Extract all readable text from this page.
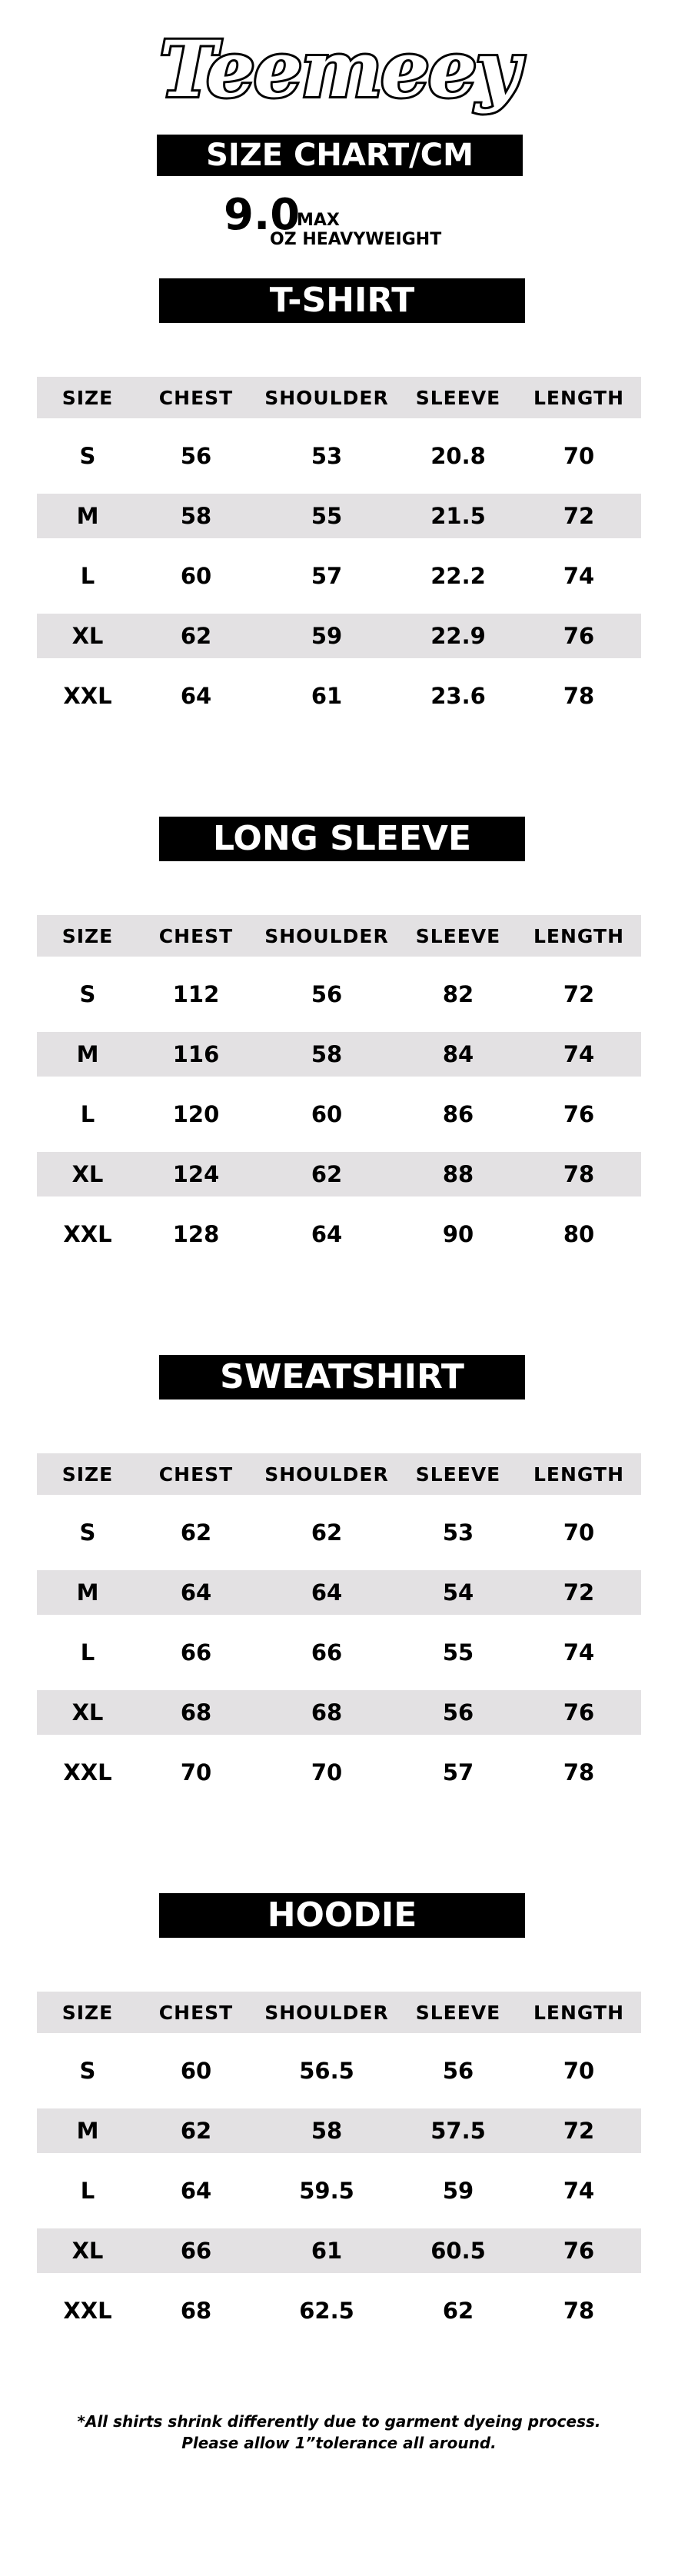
Teemeey
SIZE CHART/CM
9.0
MAX
OZ HEAVYWEIGHT
T-SHIRT
SIZE	CHEST	SHOULDER	SLEEVE	LENGTH
S	56	53	20.8	70
M	58	55	21.5	72
L	60	57	22.2	74
XL	62	59	22.9	76
XXL	64	61	23.6	78
LONG SLEEVE
SIZE	CHEST	SHOULDER	SLEEVE	LENGTH
S	112	56	82	72
M	116	58	84	74
L	120	60	86	76
XL	124	62	88	78
XXL	128	64	90	80
SWEATSHIRT
SIZE	CHEST	SHOULDER	SLEEVE	LENGTH
S	62	62	53	70
M	64	64	54	72
L	66	66	55	74
XL	68	68	56	76
XXL	70	70	57	78
HOODIE
SIZE	CHEST	SHOULDER	SLEEVE	LENGTH
S	60	56.5	56	70
M	62	58	57.5	72
L	64	59.5	59	74
XL	66	61	60.5	76
XXL	68	62.5	62	78
*All shirts shrink differently due to garment dyeing process.
Please allow 1”tolerance all around.
